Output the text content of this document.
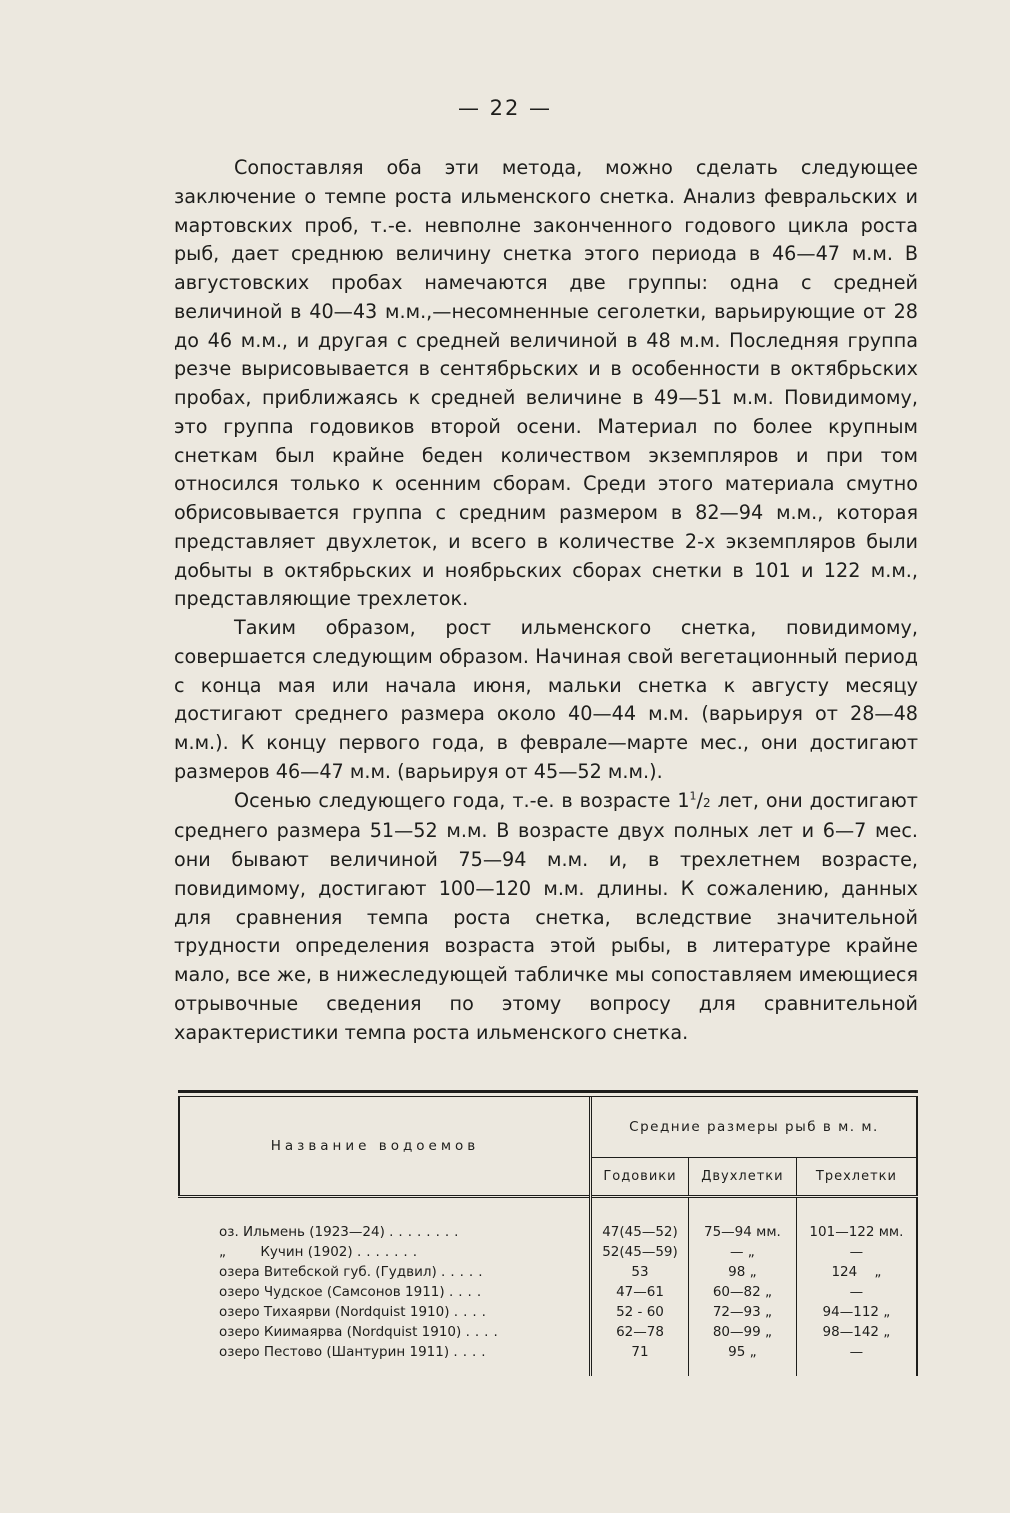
— 22 —

Сопоставляя оба эти метода, можно сделать следующее заключение о темпе роста ильменского снетка. Анализ февральских и мартовских проб, т.-е. невполне законченного годового цикла роста рыб, дает среднюю величину снетка этого периода в 46—47 м.м. В августовских пробах намечаются две группы: одна с средней величиной в 40—43 м.м.,—несомненные сеголетки, варьирующие от 28 до 46 м.м., и другая с средней величиной в 48 м.м. Последняя группа резче вырисовывается в сентябрьских и в особенности в октябрьских пробах, приближаясь к средней величине в 49—51 м.м. Повидимому, это группа годовиков второй осени. Материал по более крупным снеткам был крайне беден количеством экземпляров и при том относился только к осенним сборам. Среди этого материала смутно обрисовывается группа с средним размером в 82—94 м.м., которая представляет двухлеток, и всего в количестве 2-х экземпляров были добыты в октябрьских и ноябрьских сборах снетки в 101 и 122 м.м., представляющие трехлеток.

Таким образом, рост ильменского снетка, повидимому, совершается следующим образом. Начиная свой вегетационный период с конца мая или начала июня, мальки снетка к августу месяцу достигают среднего размера около 40—44 м.м. (варьируя от 28—48 м.м.). К концу первого года, в феврале—марте мес., они достигают размеров 46—47 м.м. (варьируя от 45—52 м.м.).

Осенью следующего года, т.-е. в возрасте $1^1/2$ лет, они достигают среднего размера 51—52 м.м. В возрасте двух полных лет и 6—7 мес. они бывают величиной 75—94 м.м. и, в трехлетнем возрасте, повидимому, достигают 100—120 м.м. длины. К сожалению, данных для сравнения темпа роста снетка, вследствие значительной трудности определения возраста этой рыбы, в литературе крайне мало, все же, в нижеследующей табличке мы сопоставляем имеющиеся отрывочные сведения по этому вопросу для сравнительной характеристики темпа роста ильменского снетка.

Название водоемов	Средние размеры рыб в м. м.		
	Годовики	Двухлетки	Трехлетки

оз. Ильмень (1923—24) ........	47(45—52)	75—94 мм.	101—122 мм.
„        Кучин (1902) .......	52(45—59)	— „	—
озера Витебской губ. (Гудвил) .....	53	98 „	124    „
озеро Чудское (Самсонов 1911) ....	47—61	60—82 „	—
озеро Тихаярви (Nordquist 1910) ....	52 - 60	72—93 „	94—112 „
озеро Киимаярва (Nordquist 1910) ....	62—78	80—99 „	98—142 „
озеро Пестово (Шантурин 1911) ....	71	95 „	—
